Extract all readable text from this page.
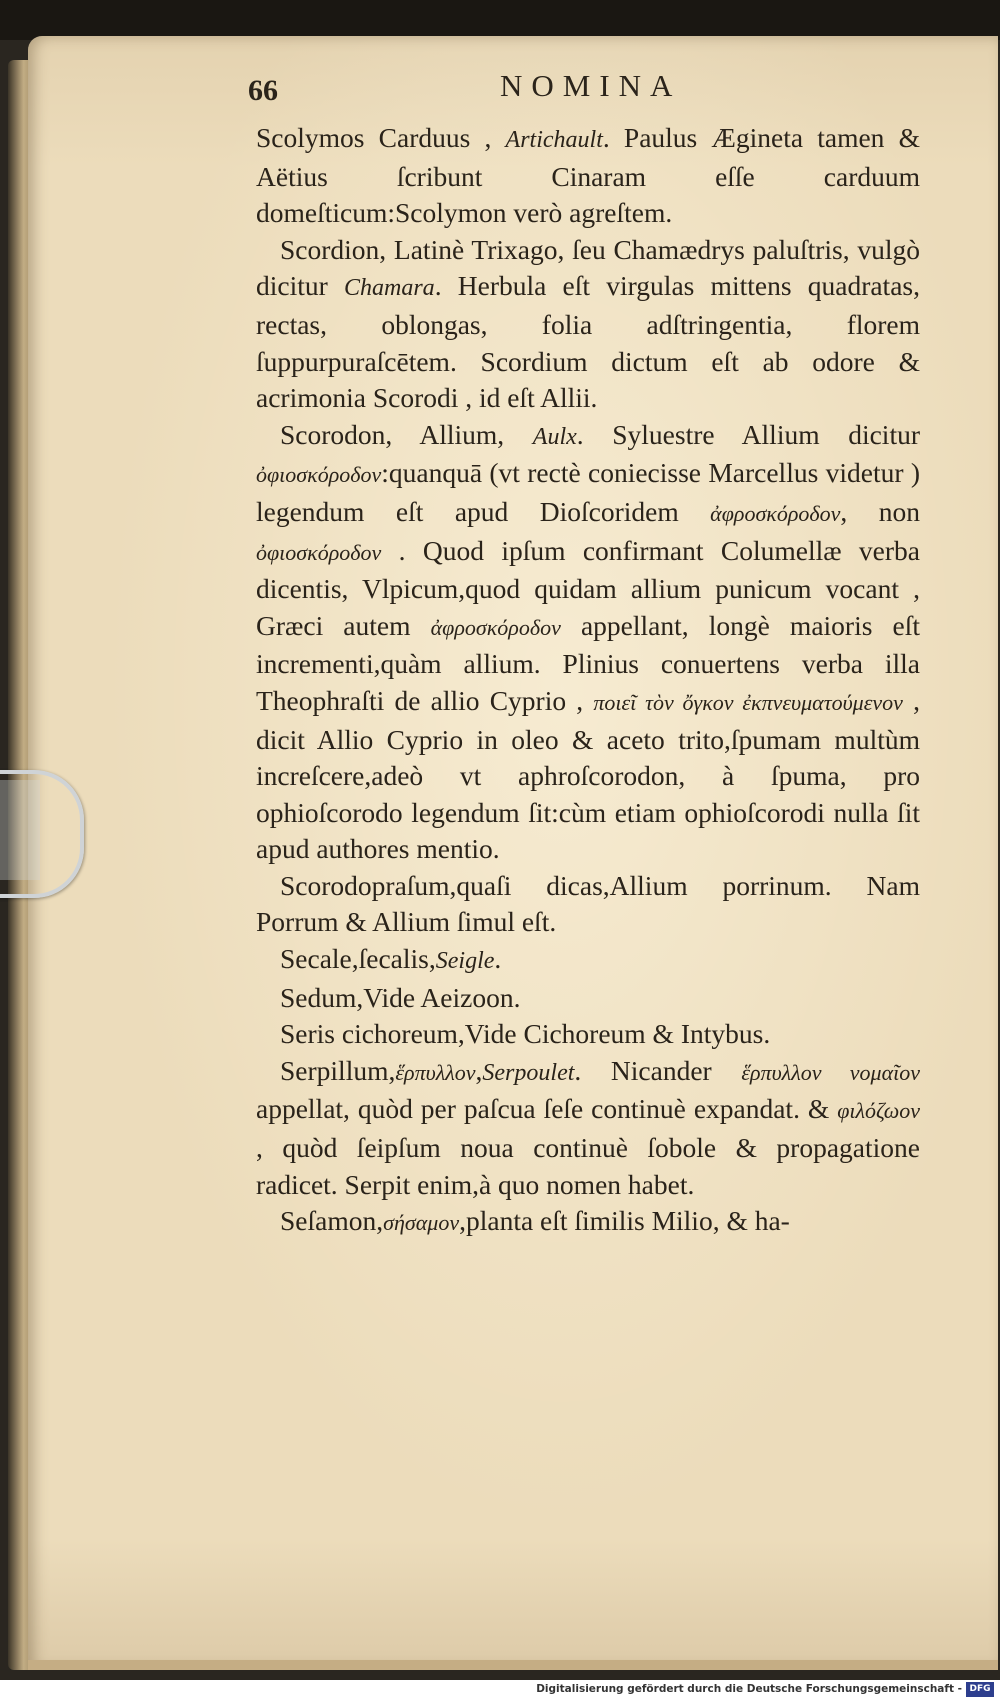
66	NOMINA

Scolymos Carduus , Artichault. Paulus Ægineta tamen & Aëtius ſcribunt Cinaram eſſe carduum domeſticum:Scolymon verò agreſtem.

Scordion, Latinè Trixago, ſeu Chamædrys paluſtris, vulgò dicitur Chamara. Herbula eſt virgulas mittens quadratas, rectas, oblongas, folia adſtringentia, florem ſuppurpuraſcētem. Scordium dictum eſt ab odore & acrimonia Scorodi , id eſt Allii.

Scorodon, Allium, Aulx. Syluestre Allium dicitur ὀφιοσκόροδον:quanquā (vt rectè coniecisse Marcellus videtur ) legendum eſt apud Dioſcoridem ἀφροσκόροδον, non ὀφιοσκόροδον . Quod ipſum confirmant Columellæ verba dicentis, Vlpicum,quod quidam allium punicum vocant , Græci autem ἀφροσκόροδον appellant, longè maioris eſt incrementi,quàm allium. Plinius conuertens verba illa Theophraſti de allio Cyprio , ποιεῖ τὸν ὄγκον ἐκπνευματούμενον , dicit Allio Cyprio in oleo & aceto trito,ſpumam multùm increſcere,adeò vt aphroſcorodon, à ſpuma, pro ophioſcorodo legendum ſit:cùm etiam ophioſcorodi nulla ſit apud authores mentio.

Scorodopraſum,quaſi dicas,Allium porrinum. Nam Porrum & Allium ſimul eſt.

Secale,ſecalis,Seigle.

Sedum,Vide Aeizoon.

Seris cichoreum,Vide Cichoreum & Intybus.

Serpillum,ἕρπυλλον,Serpoulet. Nicander ἕρπυλλον νομαῖον appellat, quòd per paſcua ſeſe continuè expandat. & φιλόζωον , quòd ſeipſum noua continuè ſobole & propagatione radicet. Serpit enim,à quo nomen habet.

Seſamon,σήσαμον,planta eſt ſimilis Milio, & ha-

Digitalisierung gefördert durch die Deutsche Forschungsgemeinschaft - DFG
